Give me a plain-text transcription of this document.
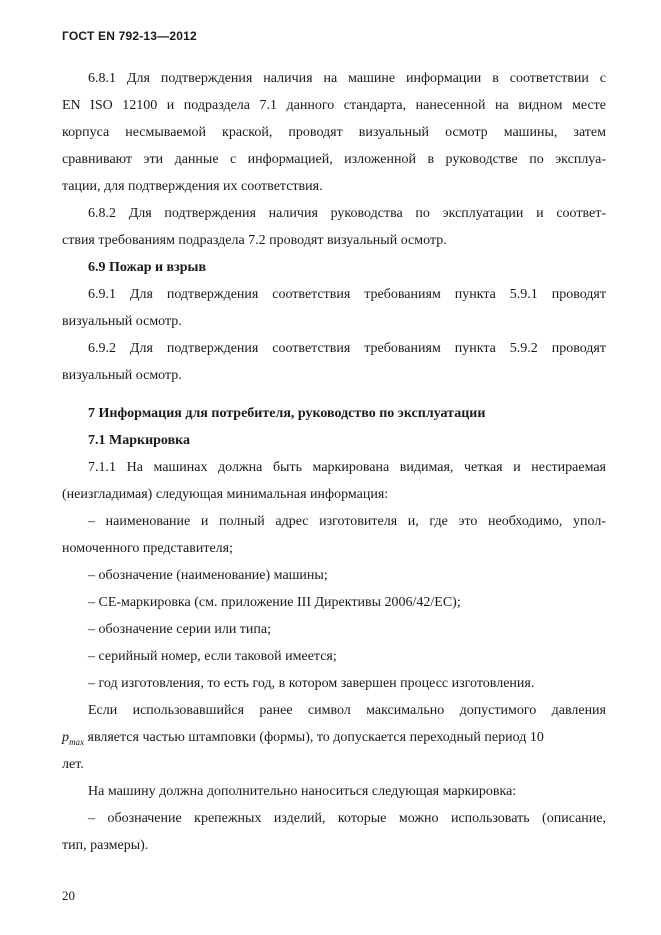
ГОСТ EN 792-13—2012
6.8.1 Для подтверждения наличия на машине информации в соответствии с
EN ISO 12100 и подраздела 7.1 данного стандарта, нанесенной на видном месте
корпуса несмываемой краской, проводят визуальный осмотр машины, затем
сравнивают эти данные с информацией, изложенной в руководстве по эксплуа-
тации, для подтверждения их соответствия.
6.8.2 Для подтверждения наличия руководства по эксплуатации и соответ-
ствия требованиям подраздела 7.2 проводят визуальный осмотр.
6.9 Пожар и взрыв
6.9.1 Для подтверждения соответствия требованиям пункта 5.9.1 проводят
визуальный осмотр.
6.9.2 Для подтверждения соответствия требованиям пункта 5.9.2 проводят
визуальный осмотр.
7 Информация для потребителя, руководство по эксплуатации
7.1 Маркировка
7.1.1 На машинах должна быть маркирована видимая, четкая и нестираемая
(неизгладимая) следующая минимальная информация:
– наименование и полный адрес изготовителя и, где это необходимо, упол-
номоченного представителя;
– обозначение (наименование) машины;
– CE-маркировка (см. приложение III Директивы 2006/42/ЕС);
– обозначение серии или типа;
– серийный номер, если таковой имеется;
– год изготовления, то есть год, в котором завершен процесс изготовления.
Если использовавшийся ранее символ максимально допустимого давления
$p_{max}$ является частью штамповки (формы), то допускается переходный период 10
лет.
На машину должна дополнительно наноситься следующая маркировка:
– обозначение крепежных изделий, которые можно использовать (описание,
тип, размеры).
20
